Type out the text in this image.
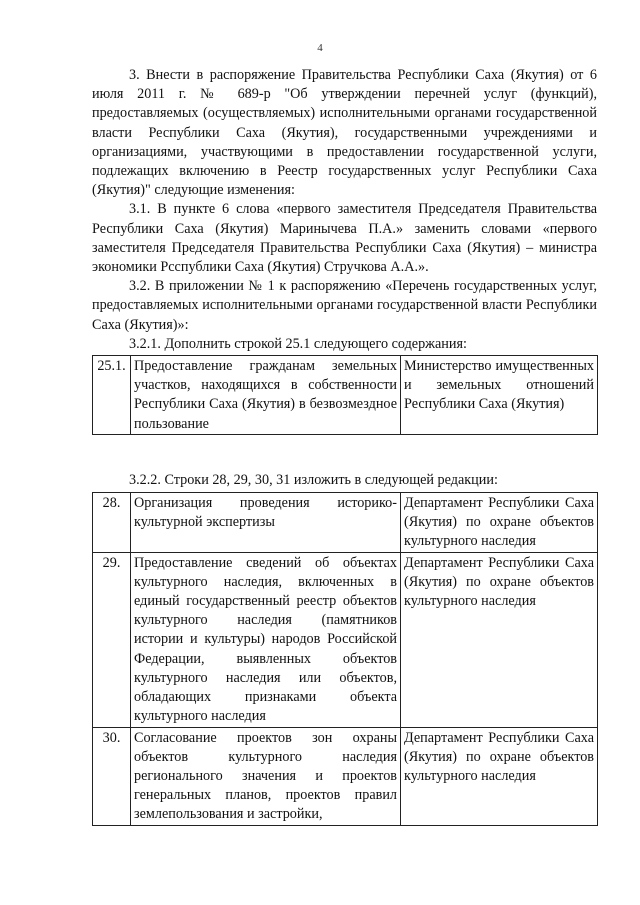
4

3. Внести в распоряжение Правительства Республики Саха (Якутия) от 6 июля 2011 г. № 689-р "Об утверждении перечней услуг (функций), предоставляемых (осуществляемых) исполнительными органами государственной власти Республики Саха (Якутия), государственными учреждениями и организациями, участвующими в предоставлении государственной услуги, подлежащих включению в Реестр государственных услуг Республики Саха (Якутия)" следующие изменения:

3.1. В пункте 6 слова «первого заместителя Председателя Правительства Республики Саха (Якутия) Маринычева П.А.» заменить словами «первого заместителя Председателя Правительства Республики Саха (Якутия) – министра экономики Рсспублики Саха (Якутия) Стручкова А.А.».

3.2. В приложении № 1 к распоряжению «Перечень государственных услуг, предоставляемых исполнительными органами государственной власти Республики Саха (Якутия)»:

3.2.1. Дополнить строкой 25.1 следующего содержания:

25.1.	Предоставление гражданам земельных участков, находящихся в собственности Республики Саха (Якутия) в безвозмездное пользование	Министерство имущественных и земельных отношений Республики Саха (Якутия)

3.2.2. Строки 28, 29, 30, 31 изложить в следующей редакции:

28.	Организация проведения историко-культурной экспертизы	Департамент Республики Саха (Якутия) по охране объектов культурного наследия
29.	Предоставление сведений об объектах культурного наследия, включенных в единый государственный реестр объектов культурного наследия (памятников истории и культуры) народов Российской Федерации, выявленных объектов культурного наследия или объектов, обладающих признаками объекта культурного наследия	Департамент Республики Саха (Якутия) по охране объектов культурного наследия
30.	Согласование проектов зон охраны объектов культурного наследия регионального значения и проектов генеральных планов, проектов правил землепользования и застройки,	Департамент Республики Саха (Якутия) по охране объектов культурного наследия
